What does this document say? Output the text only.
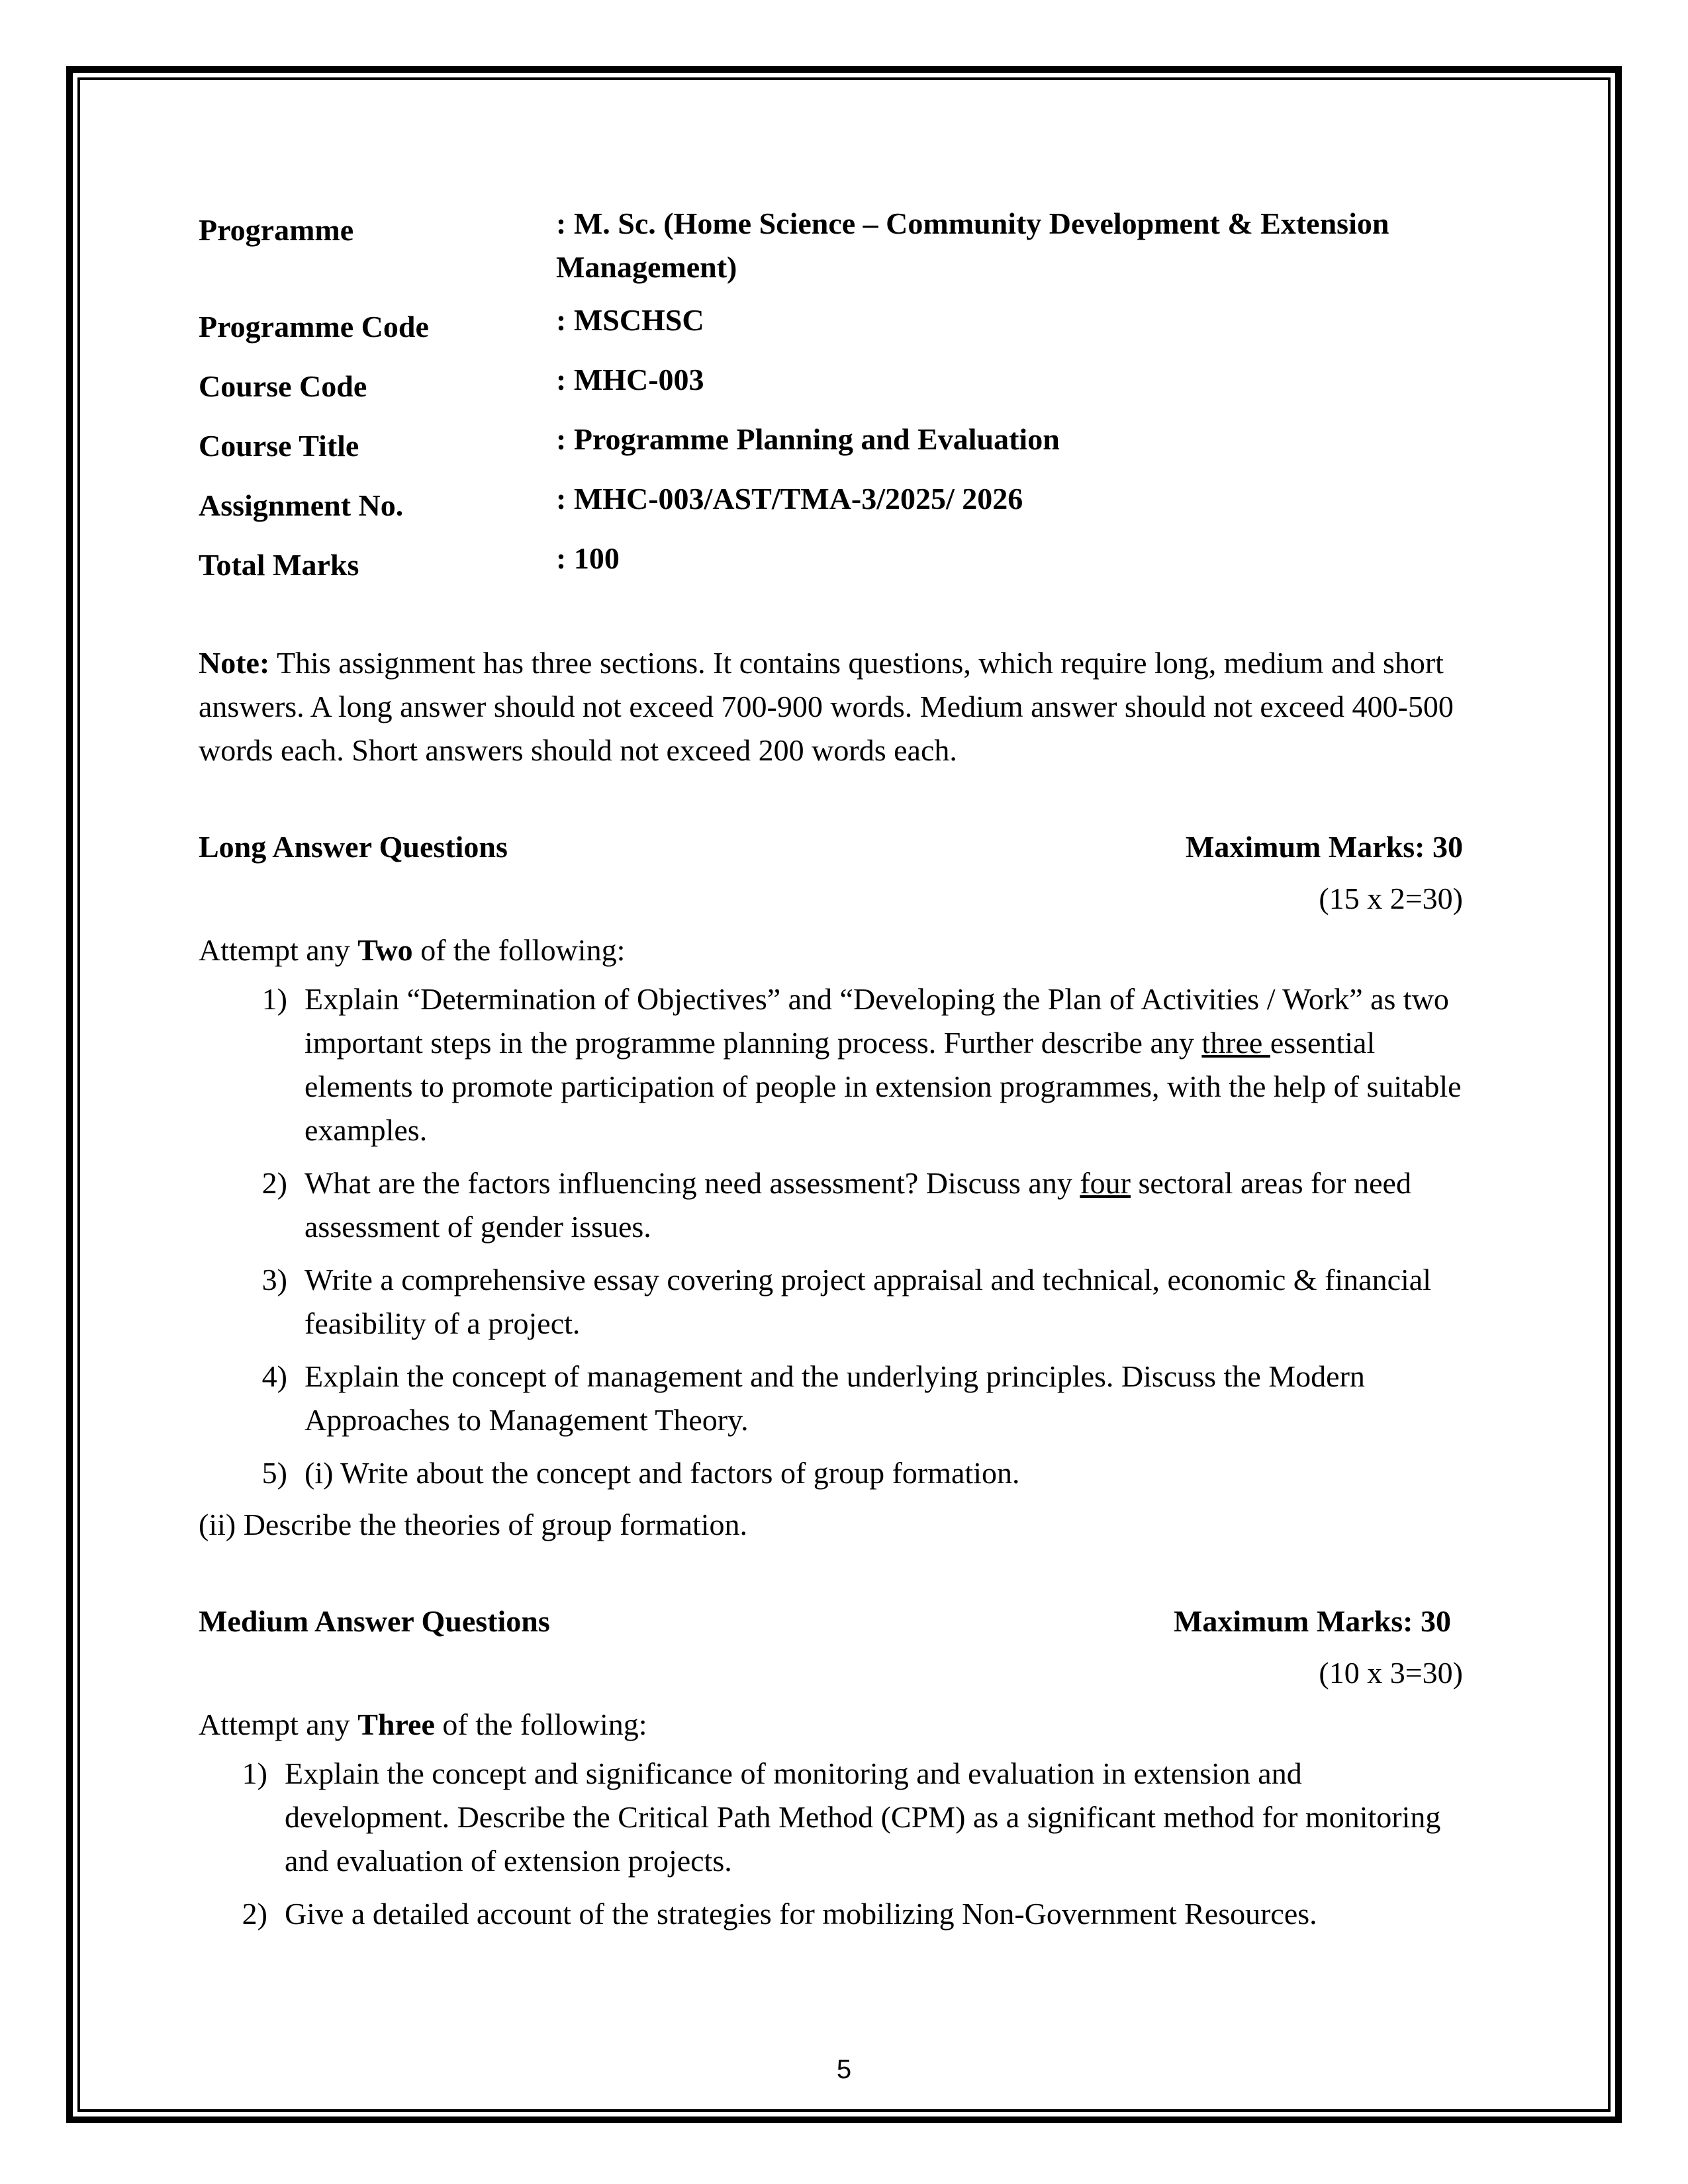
Programme	: M. Sc. (Home Science – Community Development & Extension Management)
Programme Code	: MSCHSC
Course Code	: MHC-003
Course Title	: Programme Planning and Evaluation
Assignment No.	: MHC-003/AST/TMA-3/2025/ 2026
Total Marks	: 100

Note: This assignment has three sections. It contains questions, which require long, medium and short answers. A long answer should not exceed 700-900 words. Medium answer should not exceed 400-500 words each. Short answers should not exceed 200 words each.

Long Answer Questions	Maximum Marks: 30
(15 x 2=30)
Attempt any Two of the following:
1) Explain “Determination of Objectives” and “Developing the Plan of Activities / Work” as two important steps in the programme planning process. Further describe any three essential elements to promote participation of people in extension programmes, with the help of suitable examples.
2) What are the factors influencing need assessment? Discuss any four sectoral areas for need assessment of gender issues.
3) Write a comprehensive essay covering project appraisal and technical, economic & financial feasibility of a project.
4) Explain the concept of management and the underlying principles. Discuss the Modern Approaches to Management Theory.
5) (i) Write about the concept and factors of group formation.
(ii) Describe the theories of group formation.
Medium Answer Questions	Maximum Marks: 30
(10 x 3=30)
Attempt any Three of the following:
1) Explain the concept and significance of monitoring and evaluation in extension and development. Describe the Critical Path Method (CPM) as a significant method for monitoring and evaluation of extension projects.
2) Give a detailed account of the strategies for mobilizing Non-Government Resources.
5
